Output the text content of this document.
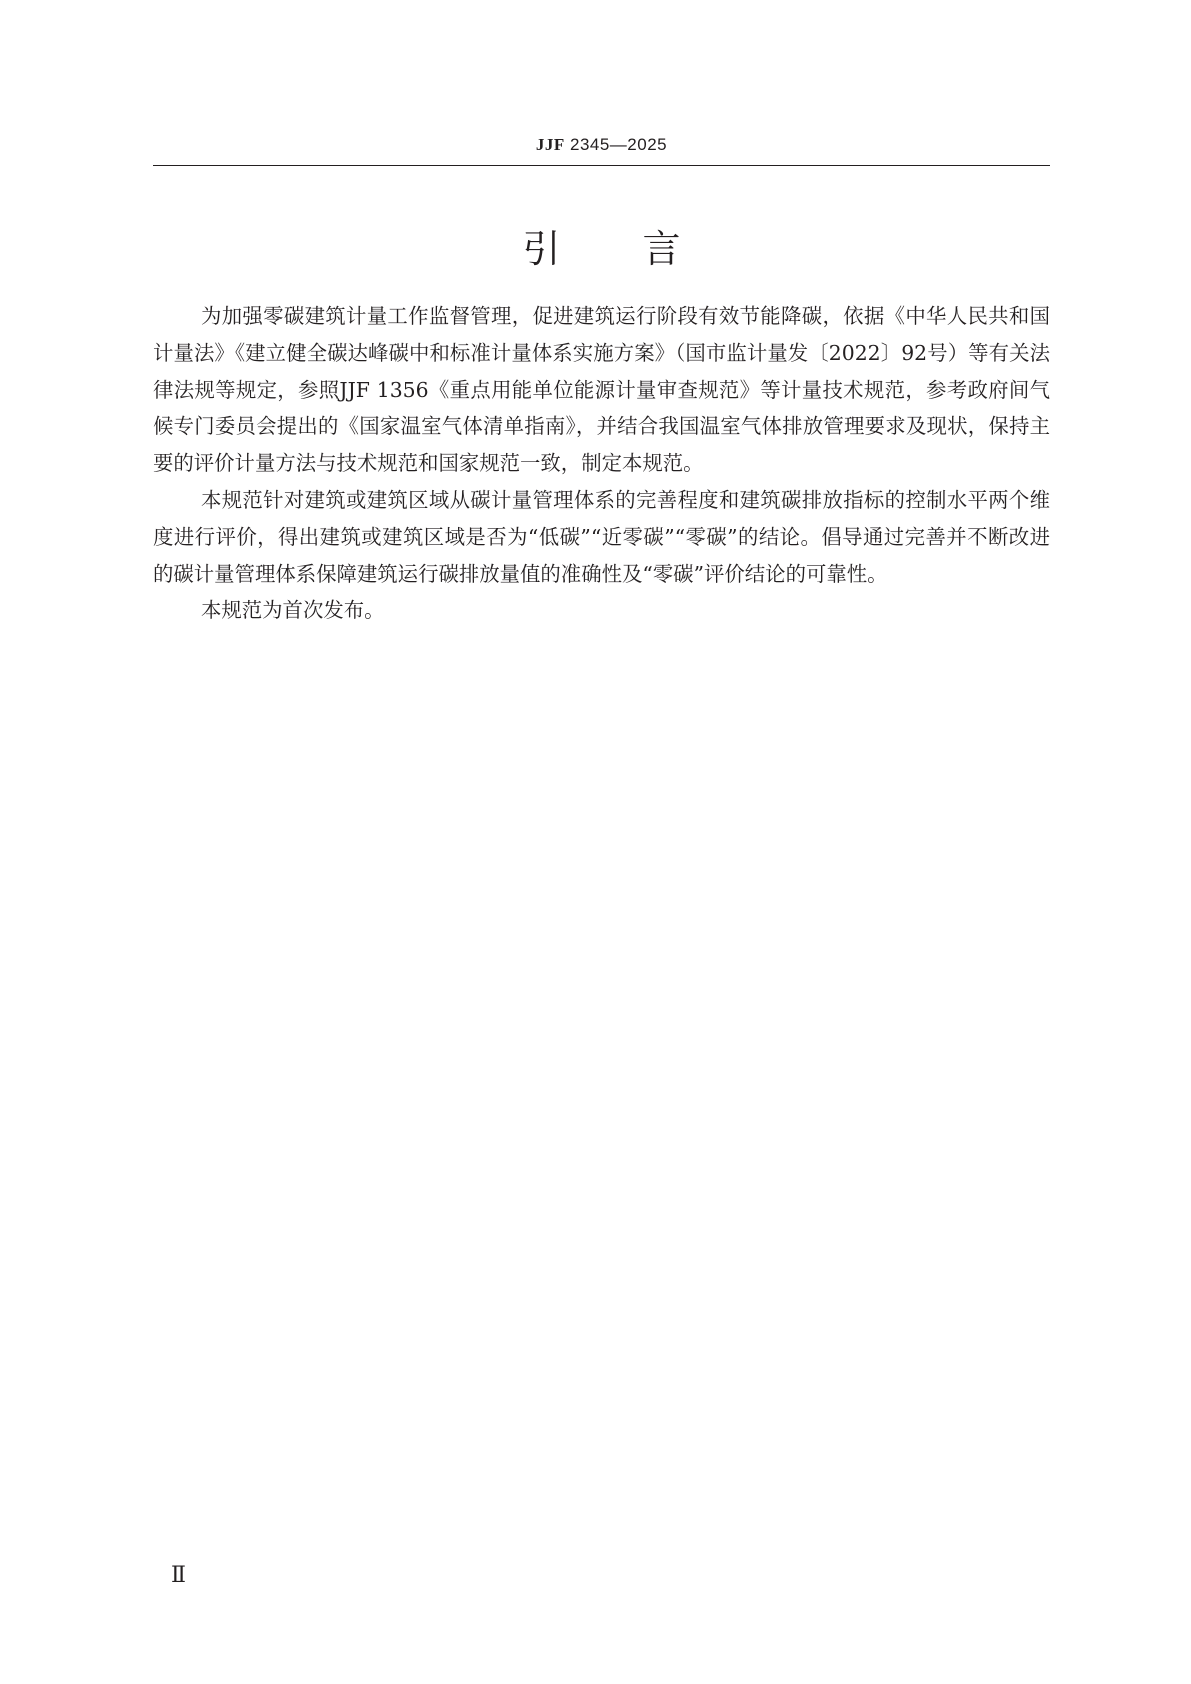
JJF 2345—2025
引 言

为加强零碳建筑计量工作监督管理，促进建筑运行阶段有效节能降碳，依据《中华人民共和国计量法》《建立健全碳达峰碳中和标准计量体系实施方案》（国市监计量发〔2022〕92号）等有关法律法规等规定，参照JJF 1356《重点用能单位能源计量审查规范》等计量技术规范，参考政府间气候专门委员会提出的《国家温室气体清单指南》，并结合我国温室气体排放管理要求及现状，保持主要的评价计量方法与技术规范和国家规范一致，制定本规范。

本规范针对建筑或建筑区域从碳计量管理体系的完善程度和建筑碳排放指标的控制水平两个维度进行评价，得出建筑或建筑区域是否为“低碳”“近零碳”“零碳”的结论。倡导通过完善并不断改进的碳计量管理体系保障建筑运行碳排放量值的准确性及“零碳”评价结论的可靠性。

本规范为首次发布。

Ⅱ
